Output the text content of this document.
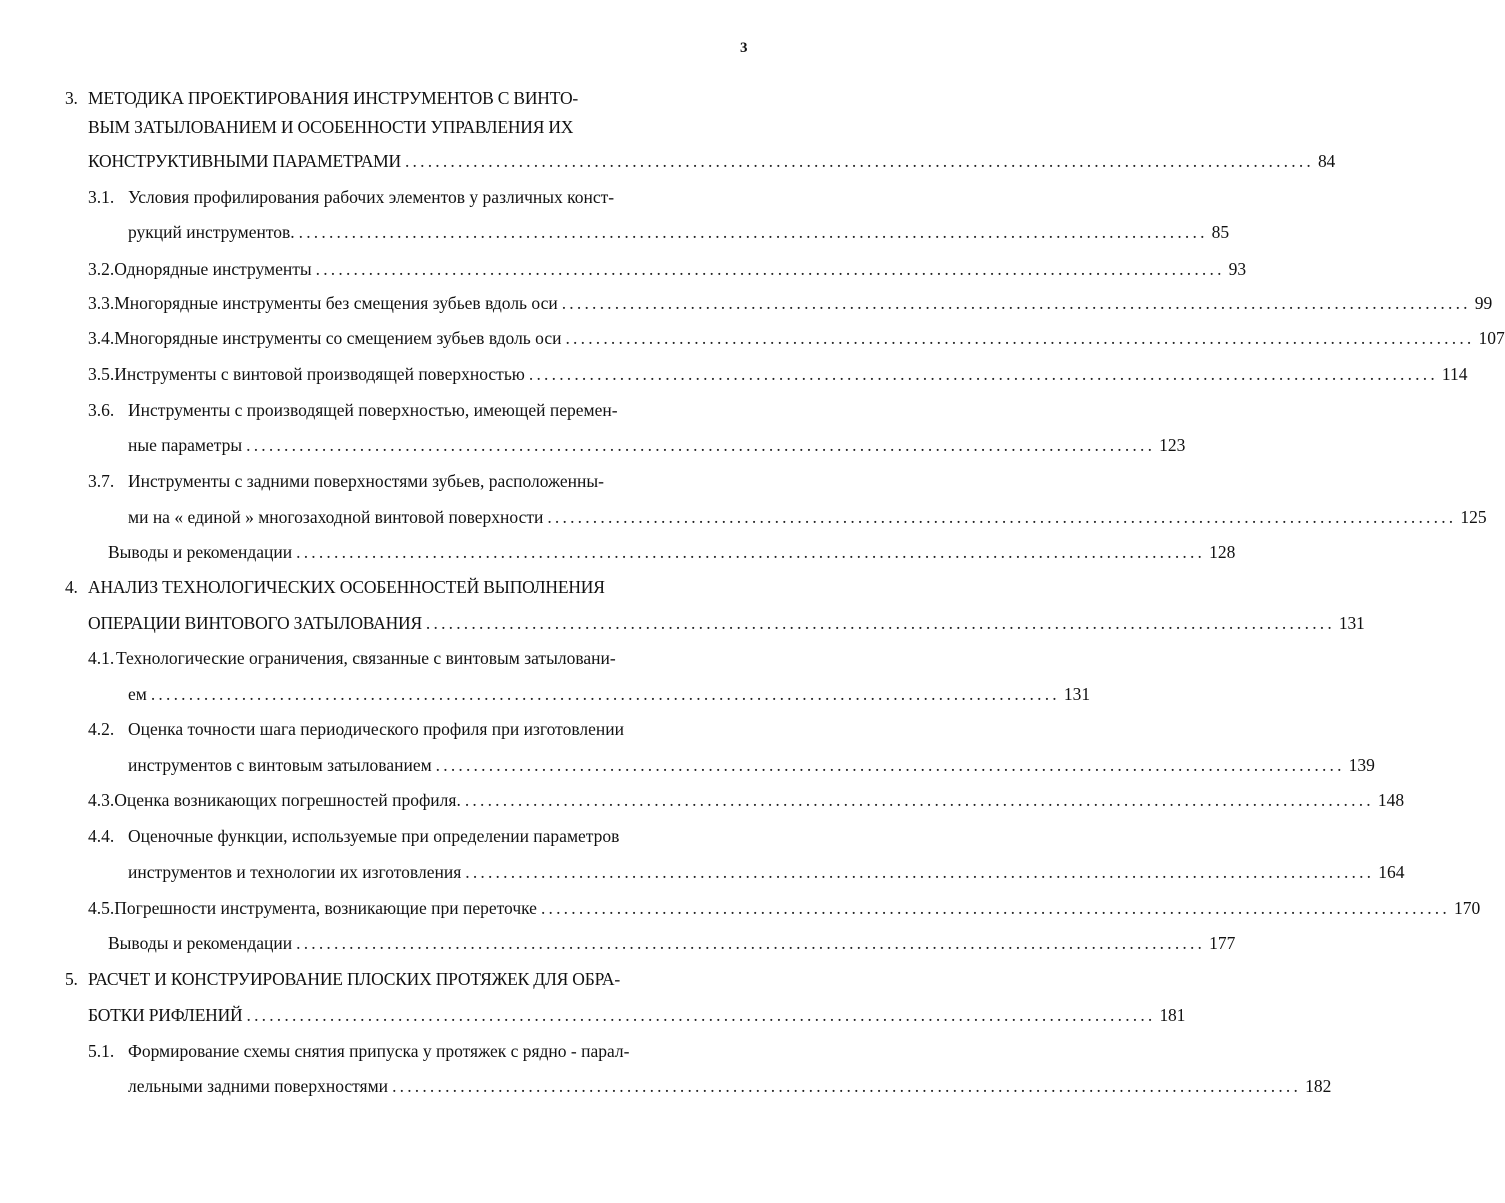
3
3. МЕТОДИКА ПРОЕКТИРОВАНИЯ ИНСТРУМЕНТОВ С ВИНТО-
ВЫМ ЗАТЫЛОВАНИЕМ И ОСОБЕННОСТИ УПРАВЛЕНИЯ ИХ
КОНСТРУКТИВНЫМИ ПАРАМЕТРАМИ ........................................................................................................................ 84
3.1. Условия профилирования рабочих элементов у различных конст-
рукций инструментов. ........................................................................................................................ 85
3.2. Однорядные инструменты ........................................................................................................................ 93
3.3. Многорядные инструменты без смещения зубьев вдоль оси ........................................................................................................................ 99
3.4. Многорядные инструменты со смещением зубьев вдоль оси ........................................................................................................................ 107
3.5. Инструменты с винтовой производящей поверхностью ........................................................................................................................ 114
3.6. Инструменты с производящей поверхностью, имеющей перемен-
ные параметры ........................................................................................................................ 123
3.7. Инструменты с задними поверхностями зубьев, расположенны-
ми на « единой » многозаходной винтовой поверхности ........................................................................................................................ 125
Выводы и рекомендации ........................................................................................................................ 128
4. АНАЛИЗ ТЕХНОЛОГИЧЕСКИХ ОСОБЕННОСТЕЙ ВЫПОЛНЕНИЯ
ОПЕРАЦИИ ВИНТОВОГО ЗАТЫЛОВАНИЯ ........................................................................................................................ 131
4.1. Технологические ограничения, связанные с винтовым затыловани-
ем ........................................................................................................................ 131
4.2. Оценка точности шага периодического профиля при изготовлении
инструментов с винтовым затылованием ........................................................................................................................ 139
4.3. Оценка возникающих погрешностей профиля. ........................................................................................................................ 148
4.4. Оценочные функции, используемые при определении параметров
инструментов и технологии их изготовления ........................................................................................................................ 164
4.5. Погрешности инструмента, возникающие при переточке ........................................................................................................................ 170
Выводы и рекомендации ........................................................................................................................ 177
5. РАСЧЕТ И КОНСТРУИРОВАНИЕ ПЛОСКИХ ПРОТЯЖЕК ДЛЯ ОБРА-
БОТКИ РИФЛЕНИЙ ........................................................................................................................ 181
5.1. Формирование схемы снятия припуска у протяжек с рядно - парал-
лельными задними поверхностями ........................................................................................................................ 182
